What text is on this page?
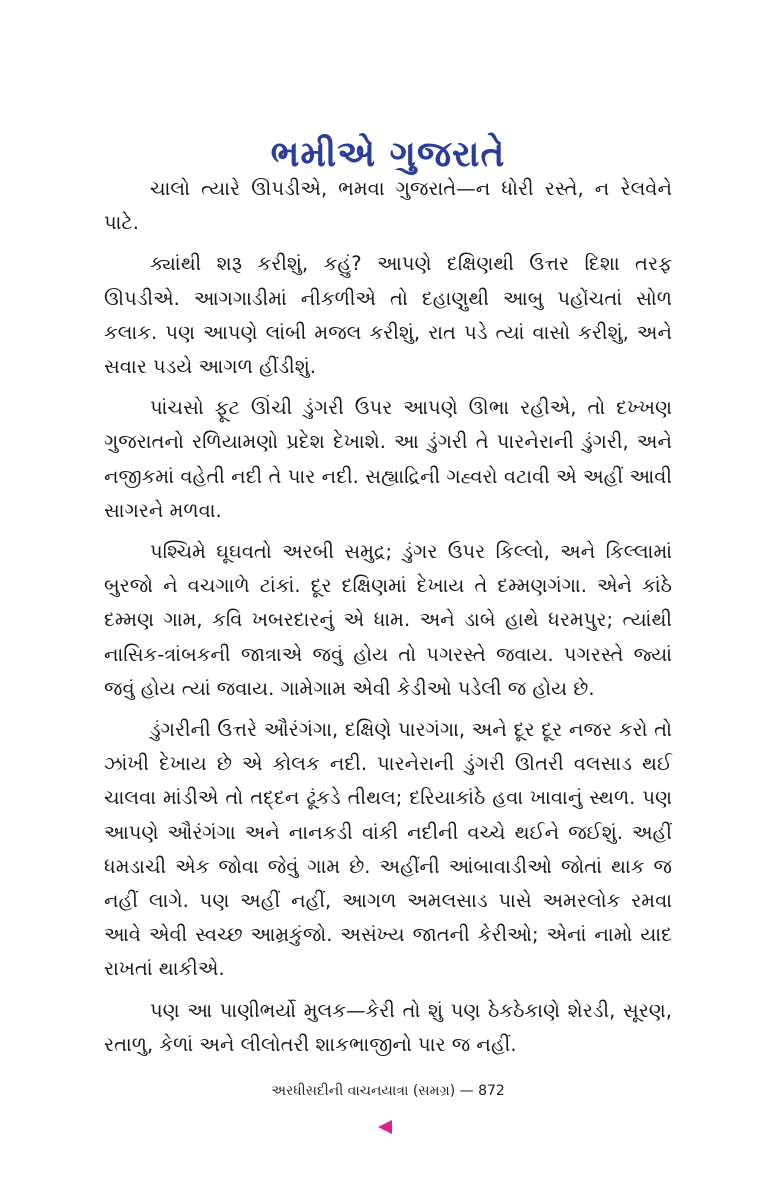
ભમીએ ગુજરાતે

ચાલો ત્યારે ઊપડીએ, ભમવા ગુજરાતે—ન ધોરી રસ્તે, ન રેલવેને પાટે.

ક્યાંથી શરૂ કરીશું, કહું? આપણે દક્ષિણથી ઉત્તર દિશા તરફ ઊપડીએ. આગગાડીમાં નીકળીએ તો દહાણુથી આબુ પહોંચતાં સોળ કલાક. પણ આપણે લાંબી મજલ કરીશું, રાત પડે ત્યાં વાસો કરીશું, અને સવાર પડયે આગળ હીંડીશું.

પાંચસો ફૂટ ઊંચી ડુંગરી ઉપર આપણે ઊભા રહીએ, તો દખ્ખણ ગુજરાતનો રળિયામણો પ્રદેશ દેખાશે. આ ડુંગરી તે પારનેરાની ડુંગરી, અને નજીકમાં વહેતી નદી તે પાર નદી. સહ્યાદ્રિની ગહ્વરો વટાવી એ અહીં આવી સાગરને મળવા.

પશ્ચિમે ઘૂઘવતો અરબી સમુદ્ર; ડુંગર ઉપર કિલ્લો, અને કિલ્લામાં બુરજો ને વચગાળે ટાંકાં. દૂર દક્ષિણમાં દેખાય તે દમ્મણગંગા. એને કાંઠે દમ્મણ ગામ, કવિ ખબરદારનું એ ધામ. અને ડાબે હાથે ધરમપુર; ત્યાંથી નાસિક-ત્રાંબકની જાત્રાએ જવું હોય તો પગરસ્તે જવાય. પગરસ્તે જ્યાં જવું હોય ત્યાં જવાય. ગામેગામ એવી કેડીઓ પડેલી જ હોય છે.

ડુંગરીની ઉત્તરે ઔરંગંગા, દક્ષિણે પારગંગા, અને દૂર દૂર નજર કરો તો ઝાંખી દેખાય છે એ કોલક નદી. પારનેરાની ડુંગરી ઊતરી વલસાડ થઈ ચાલવા માંડીએ તો તદ્દન ઢૂંકડે તીથલ; દરિયાકાંઠે હવા ખાવાનું સ્થળ. પણ આપણે ઔરંગંગા અને નાનકડી વાંકી નદીની વચ્ચે થઈને જઈશું. અહીં ધમડાચી એક જોવા જેવું ગામ છે. અહીંની આંબાવાડીઓ જોતાં થાક જ નહીં લાગે. પણ અહીં નહીં, આગળ અમલસાડ પાસે અમરલોક રમવા આવે એવી સ્વચ્છ આમ્રકુંજો. અસંખ્ય જાતની કેરીઓ; એનાં નામો યાદ રાખતાં થાકીએ.

પણ આ પાણીભર્યો મુલક—કેરી તો શું પણ ઠેકઠેકાણે શેરડી, સૂરણ, રતાળુ, કેળાં અને લીલોતરી શાકભાજીનો પાર જ નહીં.

અરધીસદીની વાચનયાત્રા (સમગ્ર) — 872
